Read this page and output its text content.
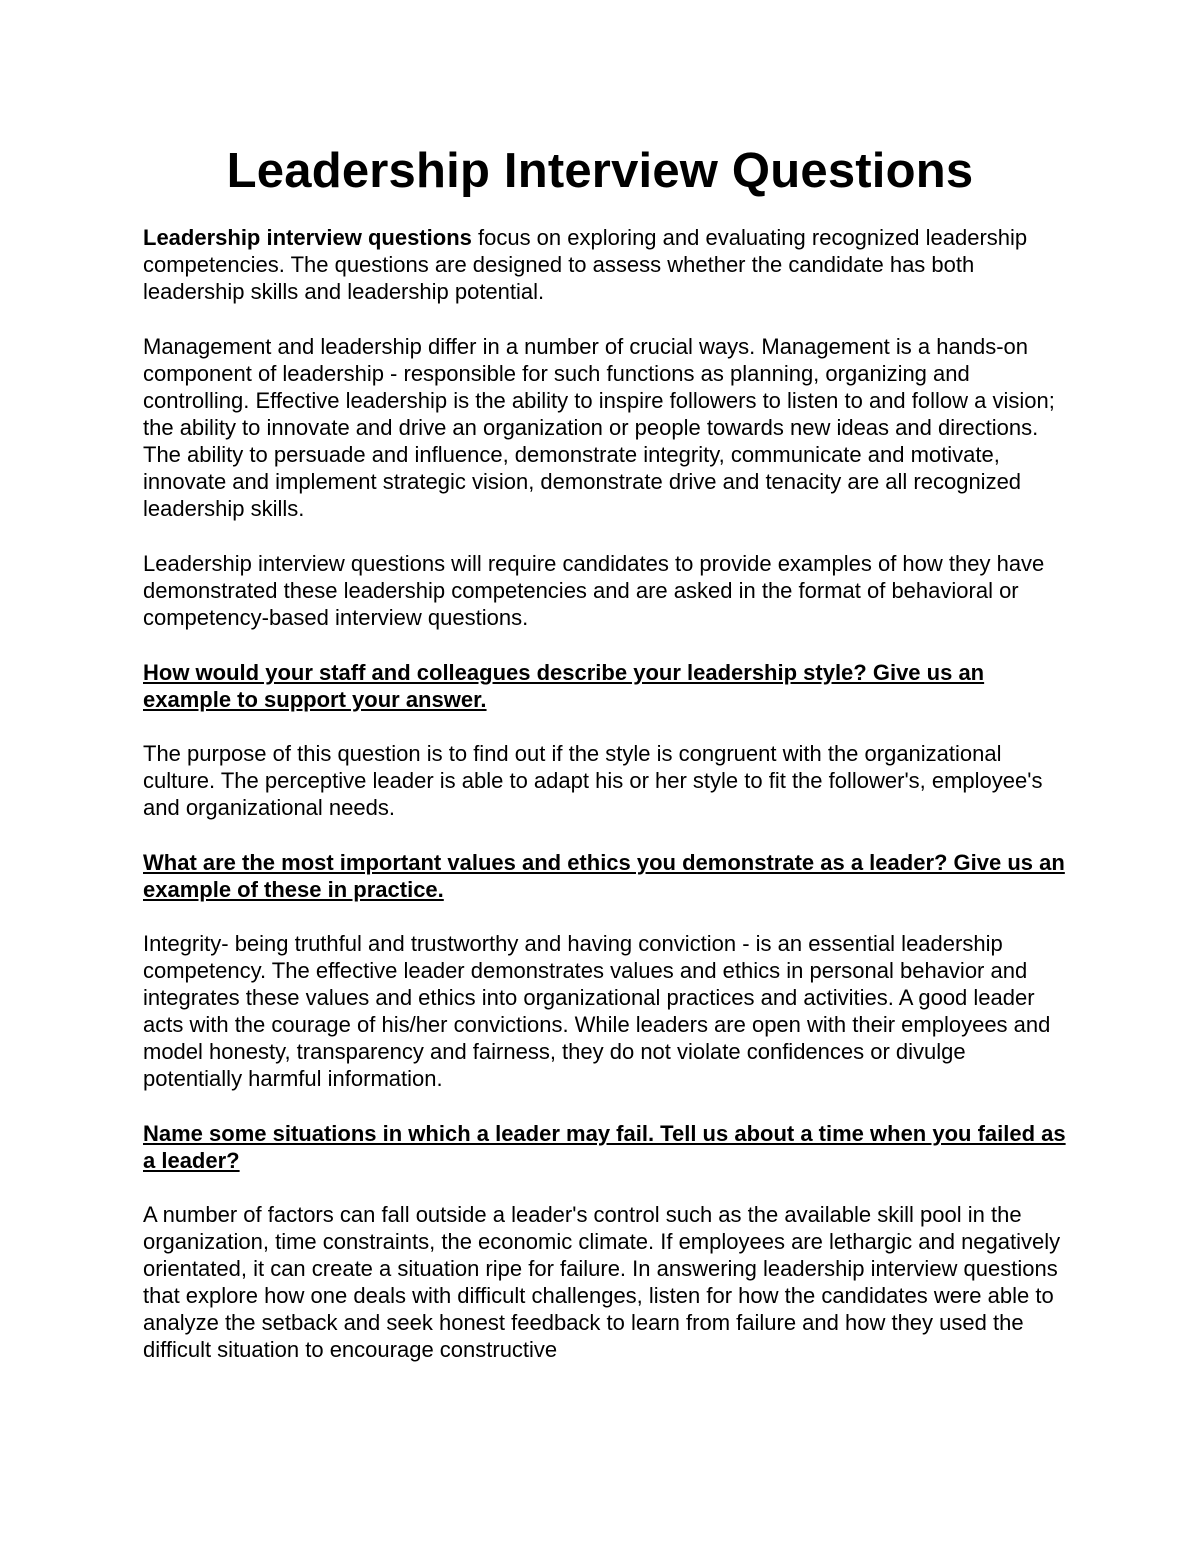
Leadership Interview Questions

Leadership interview questions focus on exploring and evaluating recognized leadership competencies. The questions are designed to assess whether the candidate has both leadership skills and leadership potential.

Management and leadership differ in a number of crucial ways. Management is a hands-on component of leadership - responsible for such functions as planning, organizing and controlling. Effective leadership is the ability to inspire followers to listen to and follow a vision; the ability to innovate and drive an organization or people towards new ideas and directions. The ability to persuade and influence, demonstrate integrity, communicate and motivate, innovate and implement strategic vision, demonstrate drive and tenacity are all recognized leadership skills.

Leadership interview questions will require candidates to provide examples of how they have demonstrated these leadership competencies and are asked in the format of behavioral or competency-based interview questions.

How would your staff and colleagues describe your leadership style? Give us an example to support your answer.

The purpose of this question is to find out if the style is congruent with the organizational culture. The perceptive leader is able to adapt his or her style to fit the follower's, employee's and organizational needs.

What are the most important values and ethics you demonstrate as a leader? Give us an example of these in practice.

Integrity- being truthful and trustworthy and having conviction - is an essential leadership competency. The effective leader demonstrates values and ethics in personal behavior and integrates these values and ethics into organizational practices and activities. A good leader acts with the courage of his/her convictions. While leaders are open with their employees and model honesty, transparency and fairness, they do not violate confidences or divulge potentially harmful information.

Name some situations in which a leader may fail. Tell us about a time when you failed as a leader?

A number of factors can fall outside a leader's control such as the available skill pool in the organization, time constraints, the economic climate. If employees are lethargic and negatively orientated, it can create a situation ripe for failure. In answering leadership interview questions that explore how one deals with difficult challenges, listen for how the candidates were able to analyze the setback and seek honest feedback to learn from failure and how they used the difficult situation to encourage constructive
